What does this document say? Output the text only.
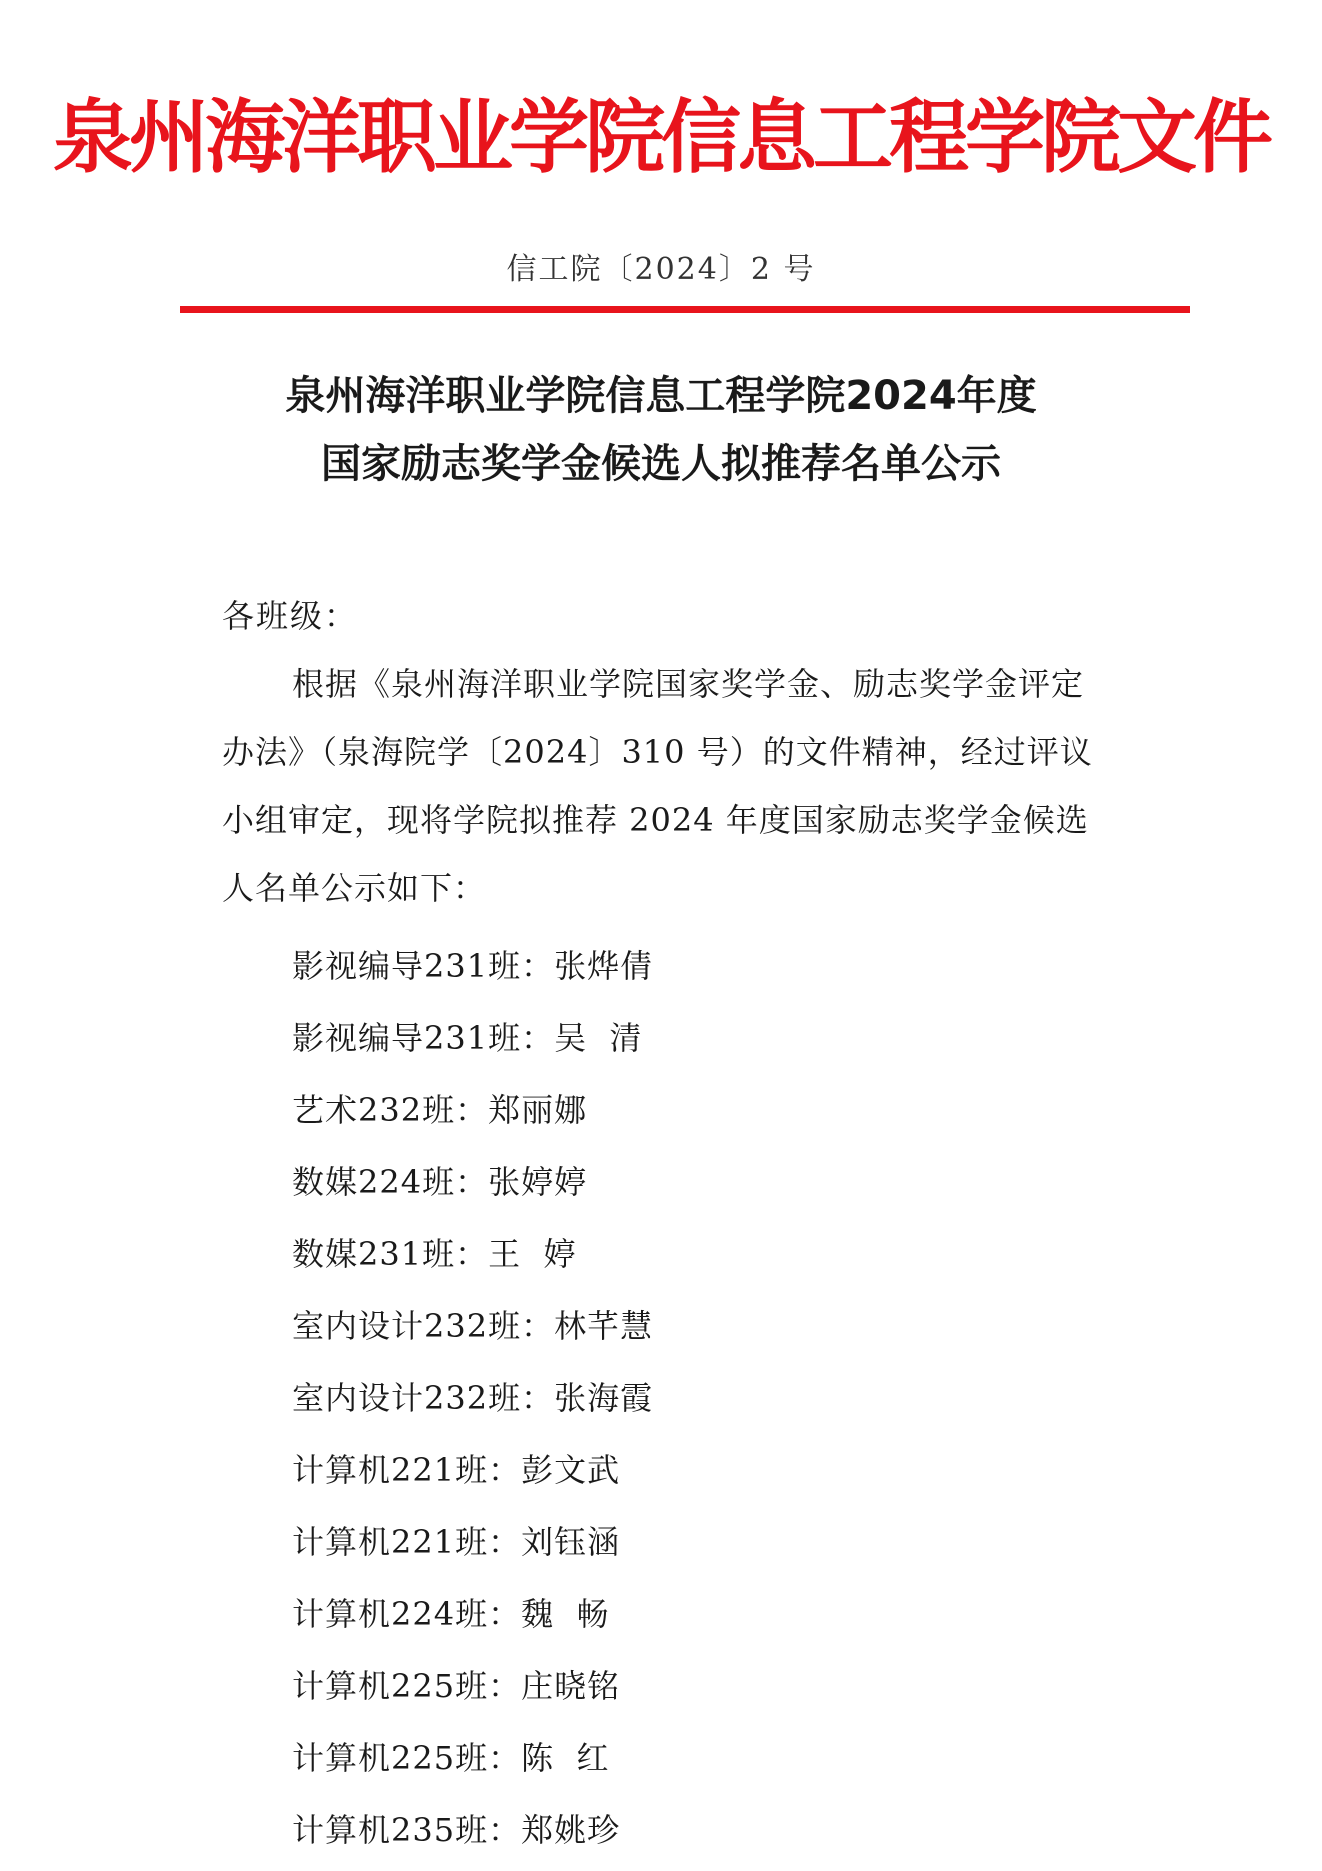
泉州海洋职业学院信息工程学院文件
信工院〔2024〕2 号
泉州海洋职业学院信息工程学院2024年度
国家励志奖学金候选人拟推荐名单公示
各班级：
根据《泉州海洋职业学院国家奖学金、励志奖学金评定
办法》（泉海院学〔2024〕310 号）的文件精神，经过评议
小组审定，现将学院拟推荐 2024 年度国家励志奖学金候选
人名单公示如下：
影视编导231班：张烨倩
影视编导231班：吴  清
艺术232班：郑丽娜
数媒224班：张婷婷
数媒231班：王  婷
室内设计232班：林芊慧
室内设计232班：张海霞
计算机221班：彭文武
计算机221班：刘钰涵
计算机224班：魏  畅
计算机225班：庄晓铭
计算机225班：陈  红
计算机235班：郑姚珍
